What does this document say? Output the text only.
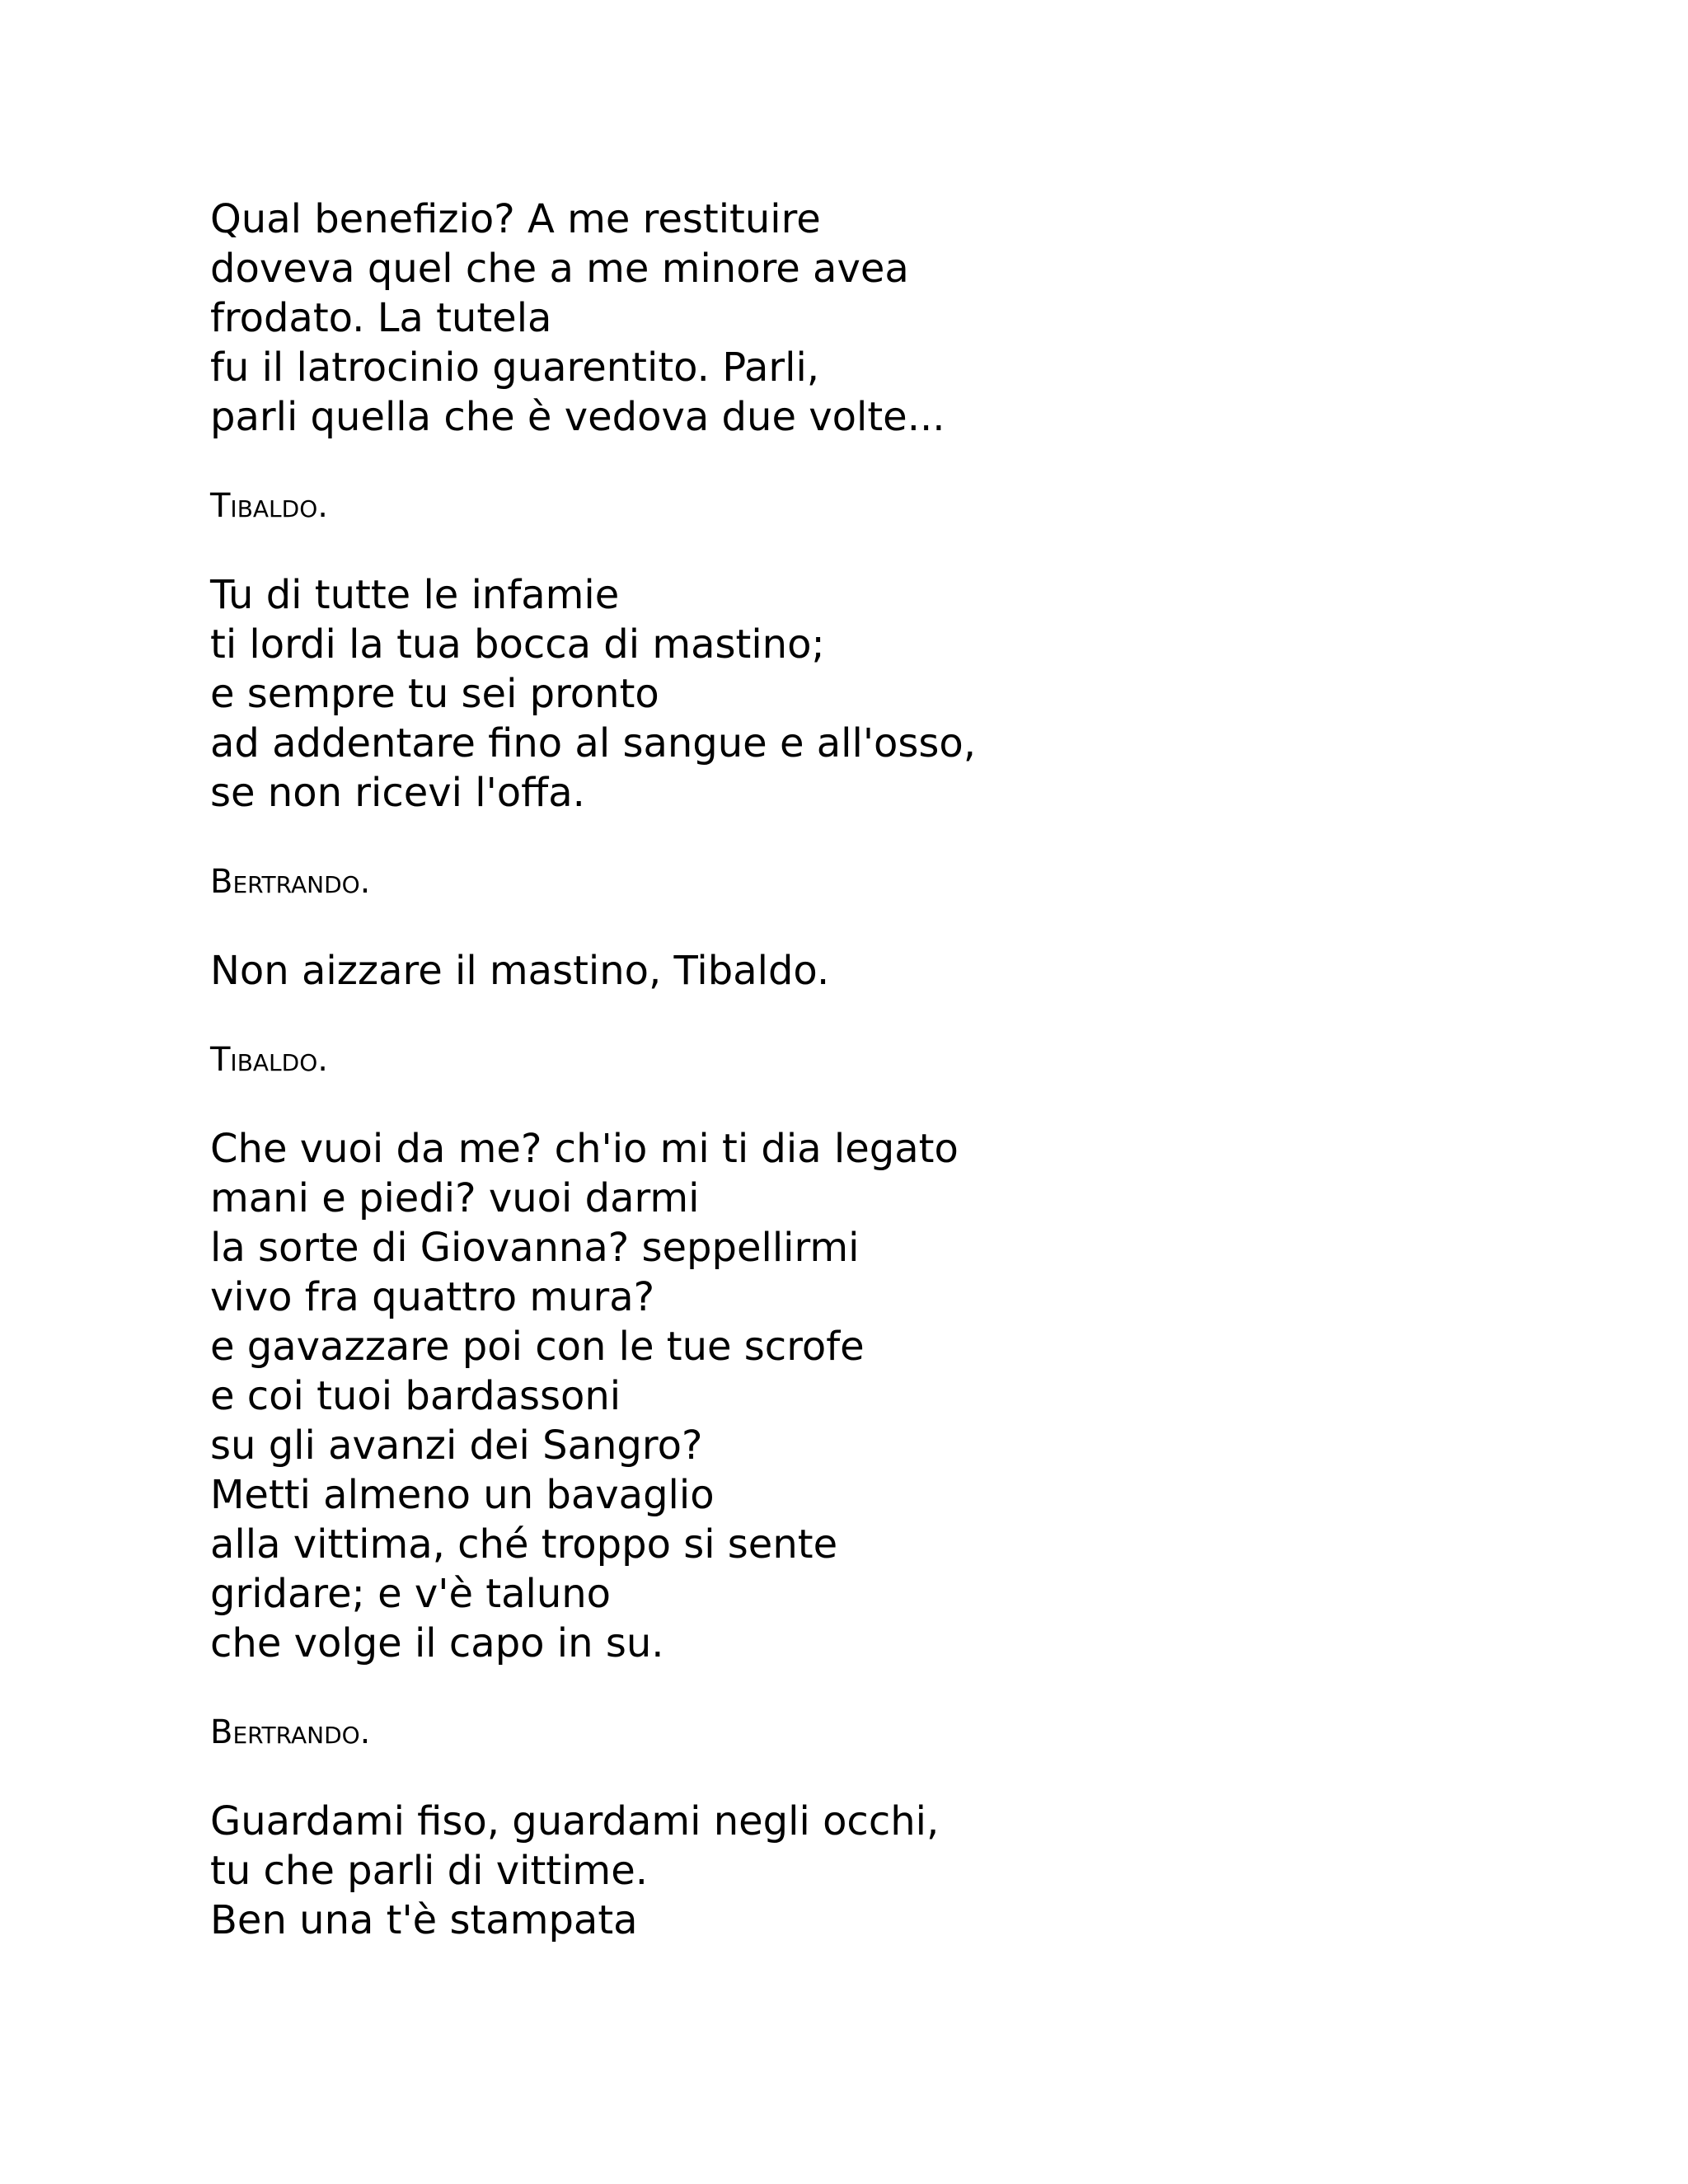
Qual benefizio? A me restituire
doveva quel che a me minore avea
frodato. La tutela
fu il latrocinio guarentito. Parli,
parli quella che è vedova due volte...
Tibaldo.
Tu di tutte le infamie
ti lordi la tua bocca di mastino;
e sempre tu sei pronto
ad addentare fino al sangue e all'osso,
se non ricevi l'offa.
Bertrando.
Non aizzare il mastino, Tibaldo.
Tibaldo.
Che vuoi da me? ch'io mi ti dia legato
mani e piedi? vuoi darmi
la sorte di Giovanna? seppellirmi
vivo fra quattro mura?
e gavazzare poi con le tue scrofe
e coi tuoi bardassoni
su gli avanzi dei Sangro?
Metti almeno un bavaglio
alla vittima, ché troppo si sente
gridare; e v'è taluno
che volge il capo in su.
Bertrando.
Guardami fiso, guardami negli occhi,
tu che parli di vittime.
Ben una t'è stampata
